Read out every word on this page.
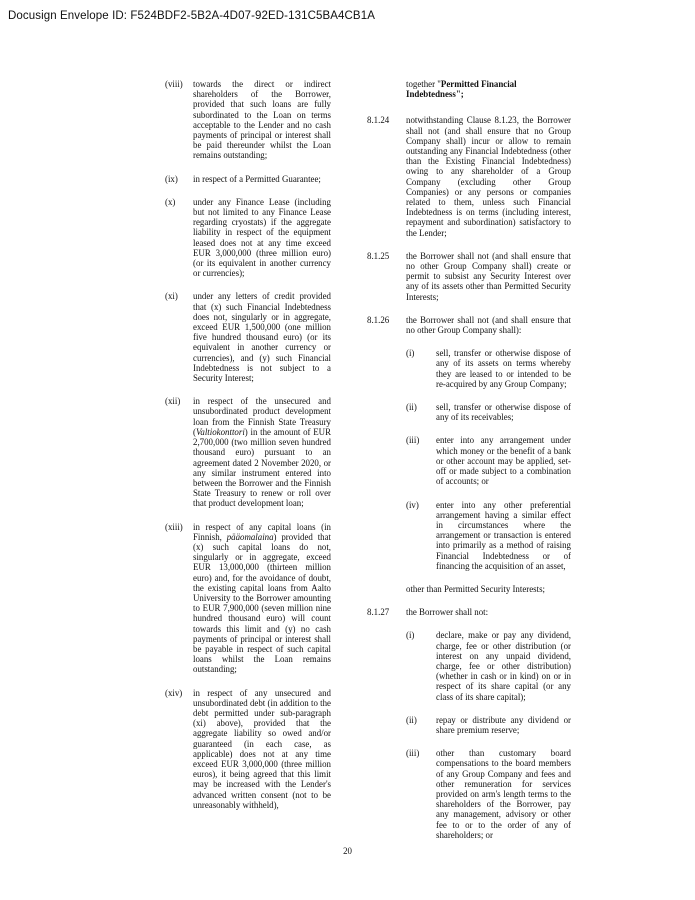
Docusign Envelope ID: F524BDF2-5B2A-4D07-92ED-131C5BA4CB1A
(viii)	towards the direct or indirect shareholders of the Borrower, provided that such loans are fully subordinated to the Loan on terms acceptable to the Lender and no cash payments of principal or interest shall be paid thereunder whilst the Loan remains outstanding;
(ix)	in respect of a Permitted Guarantee;
(x)	under any Finance Lease (including but not limited to any Finance Lease regarding cryostats) if the aggregate liability in respect of the equipment leased does not at any time exceed EUR 3,000,000 (three million euro) (or its equivalent in another currency or currencies);
(xi)	under any letters of credit provided that (x) such Financial Indebtedness does not, singularly or in aggregate, exceed EUR 1,500,000 (one million five hundred thousand euro) (or its equivalent in another currency or currencies), and (y) such Financial Indebtedness is not subject to a Security Interest;
(xii)	in respect of the unsecured and unsubordinated product development loan from the Finnish State Treasury (Valtiokonttori) in the amount of EUR 2,700,000 (two million seven hundred thousand euro) pursuant to an agreement dated 2 November 2020, or any similar instrument entered into between the Borrower and the Finnish State Treasury to renew or roll over that product development loan;
(xiii)	in respect of any capital loans (in Finnish, pääomalaina) provided that (x) such capital loans do not, singularly or in aggregate, exceed EUR 13,000,000 (thirteen million euro) and, for the avoidance of doubt, the existing capital loans from Aalto University to the Borrower amounting to EUR 7,900,000 (seven million nine hundred thousand euro) will count towards this limit and (y) no cash payments of principal or interest shall be payable in respect of such capital loans whilst the Loan remains outstanding;
(xiv)	in respect of any unsecured and unsubordinated debt (in addition to the debt permitted under sub-paragraph (xi) above), provided that the aggregate liability so owed and/or guaranteed (in each case, as applicable) does not at any time exceed EUR 3,000,000 (three million euros), it being agreed that this limit may be increased with the Lender's advanced written consent (not to be unreasonably withheld),
together "Permitted Financial Indebtedness";
8.1.24	notwithstanding Clause 8.1.23, the Borrower shall not (and shall ensure that no Group Company shall) incur or allow to remain outstanding any Financial Indebtedness (other than the Existing Financial Indebtedness) owing to any shareholder of a Group Company (excluding other Group Companies) or any persons or companies related to them, unless such Financial Indebtedness is on terms (including interest, repayment and subordination) satisfactory to the Lender;
8.1.25	the Borrower shall not (and shall ensure that no other Group Company shall) create or permit to subsist any Security Interest over any of its assets other than Permitted Security Interests;
8.1.26	the Borrower shall not (and shall ensure that no other Group Company shall):
(i)	sell, transfer or otherwise dispose of any of its assets on terms whereby they are leased to or intended to be re-acquired by any Group Company;
(ii)	sell, transfer or otherwise dispose of any of its receivables;
(iii)	enter into any arrangement under which money or the benefit of a bank or other account may be applied, set-off or made subject to a combination of accounts; or
(iv)	enter into any other preferential arrangement having a similar effect in circumstances where the arrangement or transaction is entered into primarily as a method of raising Financial Indebtedness or of financing the acquisition of an asset,
other than Permitted Security Interests;
8.1.27	the Borrower shall not:
(i)	declare, make or pay any dividend, charge, fee or other distribution (or interest on any unpaid dividend, charge, fee or other distribution) (whether in cash or in kind) on or in respect of its share capital (or any class of its share capital);
(ii)	repay or distribute any dividend or share premium reserve;
(iii)	other than customary board compensations to the board members of any Group Company and fees and other remuneration for services provided on arm's length terms to the shareholders of the Borrower, pay any management, advisory or other fee to or to the order of any of shareholders; or
20
